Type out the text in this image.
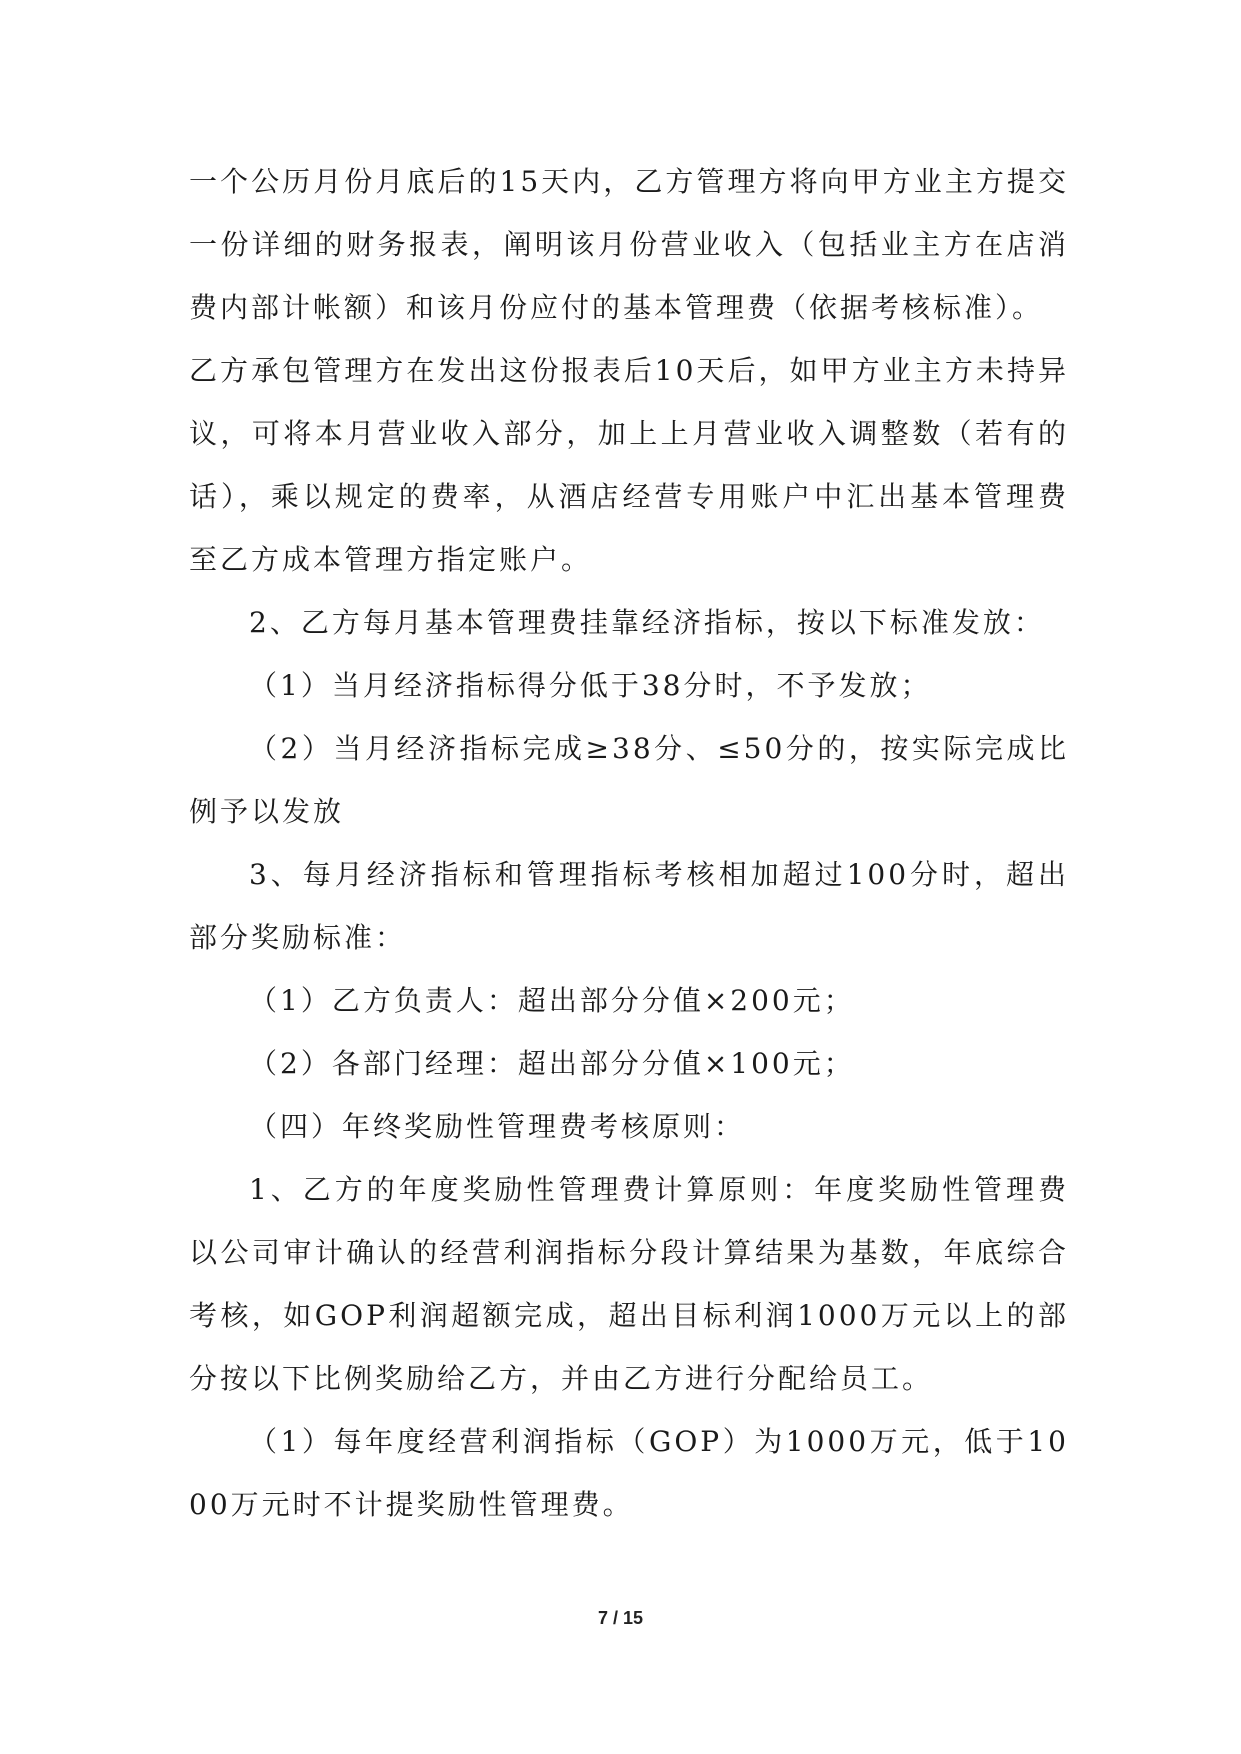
一个公历月份月底后的15天内，乙方管理方将向甲方业主方提交一份详细的财务报表，阐明该月份营业收入（包括业主方在店消费内部计帐额）和该月份应付的基本管理费（依据考核标准）。

乙方承包管理方在发出这份报表后10天后，如甲方业主方未持异议，可将本月营业收入部分，加上上月营业收入调整数（若有的话），乘以规定的费率，从酒店经营专用账户中汇出基本管理费至乙方成本管理方指定账户。

2、乙方每月基本管理费挂靠经济指标，按以下标准发放：

（1）当月经济指标得分低于38分时，不予发放；

（2）当月经济指标完成≥38分、≤50分的，按实际完成比例予以发放

3、每月经济指标和管理指标考核相加超过100分时，超出部分奖励标准：

（1）乙方负责人：超出部分分值×200元；

（2）各部门经理：超出部分分值×100元；

（四）年终奖励性管理费考核原则：

1、乙方的年度奖励性管理费计算原则：年度奖励性管理费以公司审计确认的经营利润指标分段计算结果为基数，年底综合考核，如GOP利润超额完成，超出目标利润1000万元以上的部分按以下比例奖励给乙方，并由乙方进行分配给员工。

（1）每年度经营利润指标（GOP）为1000万元，低于1000万元时不计提奖励性管理费。

7 / 15
